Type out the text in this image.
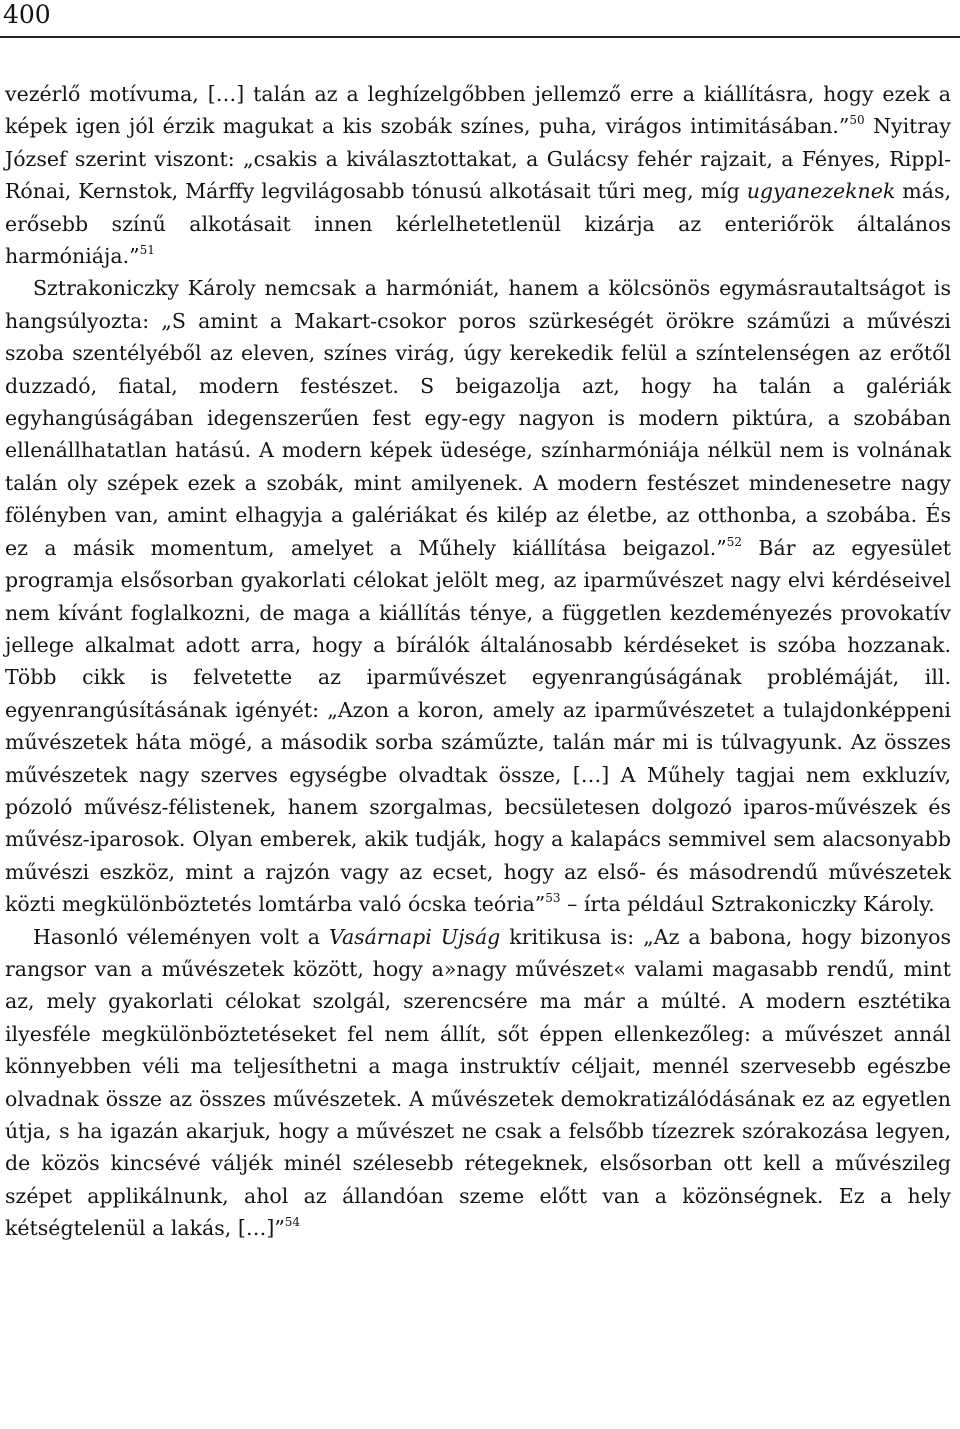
400

vezérlő motívuma, […] talán az a leghízelgőbben jellemző erre a kiállításra, hogy ezek a képek igen jól érzik magukat a kis szobák színes, puha, virágos intimitásában.”$^{50}$ Nyitray József szerint viszont: „csakis a kiválasztottakat, a Gulácsy fehér rajzait, a Fényes, Rippl-Rónai, Kernstok, Márffy legvilágosabb tónusú alkotásait tűri meg, míg ugyanezeknek más, erősebb színű alkotásait innen kérlelhetetlenül kizárja az enteriőrök általános harmóniája.”$^{51}$

Sztrakoniczky Károly nemcsak a harmóniát, hanem a kölcsönös egymásrautaltságot is hangsúlyozta: „S amint a Makart-csokor poros szürkeségét örökre száműzi a művészi szoba szentélyéből az eleven, színes virág, úgy kerekedik felül a színtelenségen az erőtől duzzadó, fiatal, modern festészet. S beigazolja azt, hogy ha talán a galériák egyhangúságában idegenszerűen fest egy-egy nagyon is modern piktúra, a szobában ellenállhatatlan hatású. A modern képek üdesége, színharmóniája nélkül nem is volnának talán oly szépek ezek a szobák, mint amilyenek. A modern festészet mindenesetre nagy fölényben van, amint elhagyja a galériákat és kilép az életbe, az otthonba, a szobába. És ez a másik momentum, amelyet a Műhely kiállítása beigazol.”$^{52}$ Bár az egyesület programja elsősorban gyakorlati célokat jelölt meg, az iparművészet nagy elvi kérdéseivel nem kívánt foglalkozni, de maga a kiállítás ténye, a független kezdeményezés provokatív jellege alkalmat adott arra, hogy a bírálók általánosabb kérdéseket is szóba hozzanak. Több cikk is felvetette az iparművészet egyenrangúságának problémáját, ill. egyenrangúsításának igényét: „Azon a koron, amely az iparművészetet a tulajdonképpeni művészetek háta mögé, a második sorba száműzte, talán már mi is túlvagyunk. Az összes művészetek nagy szerves egységbe olvadtak össze, […] A Műhely tagjai nem exkluzív, pózoló művész-félistenek, hanem szorgalmas, becsületesen dolgozó iparos-művészek és művész-iparosok. Olyan emberek, akik tudják, hogy a kalapács semmivel sem alacsonyabb művészi eszköz, mint a rajzón vagy az ecset, hogy az első- és másodrendű művészetek közti megkülönböztetés lomtárba való ócska teória”$^{53}$ – írta például Sztrakoniczky Károly.

Hasonló véleményen volt a Vasárnapi Ujság kritikusa is: „Az a babona, hogy bizonyos rangsor van a művészetek között, hogy a»nagy művészet« valami magasabb rendű, mint az, mely gyakorlati célokat szolgál, szerencsére ma már a múlté. A modern esztétika ilyesféle megkülönböztetéseket fel nem állít, sőt éppen ellenkezőleg: a művészet annál könnyebben véli ma teljesíthetni a maga instruktív céljait, mennél szervesebb egészbe olvadnak össze az összes művészetek. A művészetek demokratizálódásának ez az egyetlen útja, s ha igazán akarjuk, hogy a művészet ne csak a felsőbb tízezrek szórakozása legyen, de közös kincsévé váljék minél szélesebb rétegeknek, elsősorban ott kell a művészileg szépet applikálnunk, ahol az állandóan szeme előtt van a közönségnek. Ez a hely kétségtelenül a lakás, […]”$^{54}$
